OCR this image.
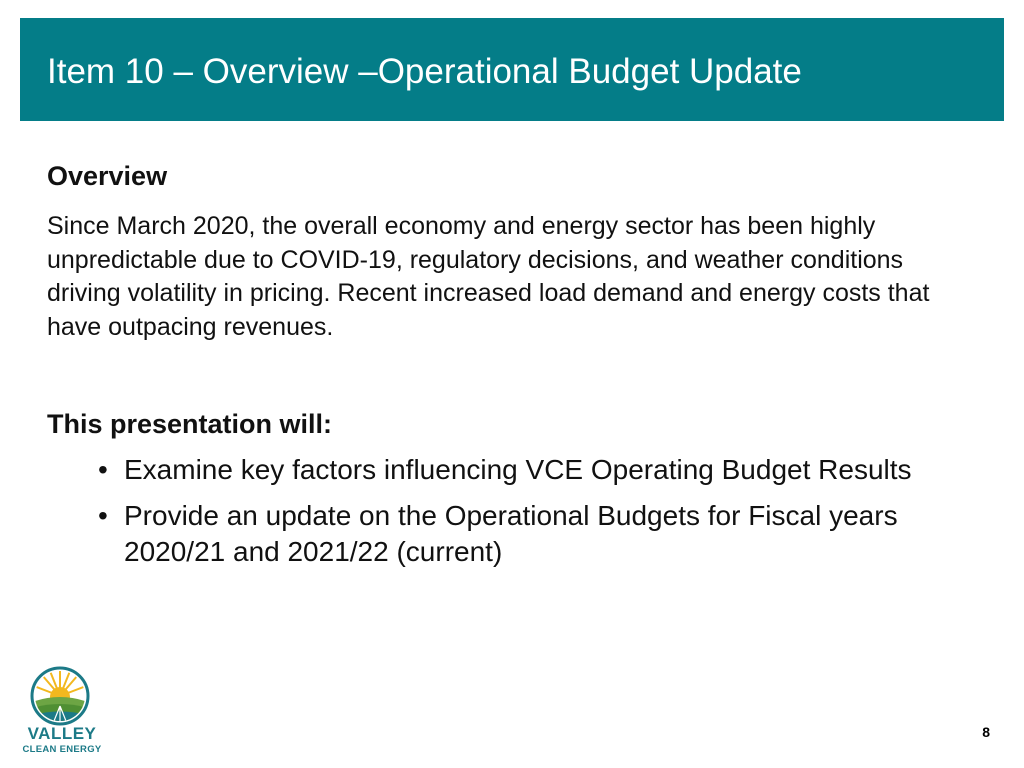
Item 10 – Overview –Operational Budget Update
Overview

Since March 2020, the overall economy and energy sector has been highly unpredictable due to COVID-19, regulatory decisions, and weather conditions driving volatility in pricing. Recent increased load demand and energy costs that have outpacing revenues.

This presentation will:
• Examine key factors influencing VCE Operating Budget Results
• Provide an update on the Operational Budgets for Fiscal years 2020/21 and 2021/22 (current)
VALLEY
CLEAN ENERGY
8
